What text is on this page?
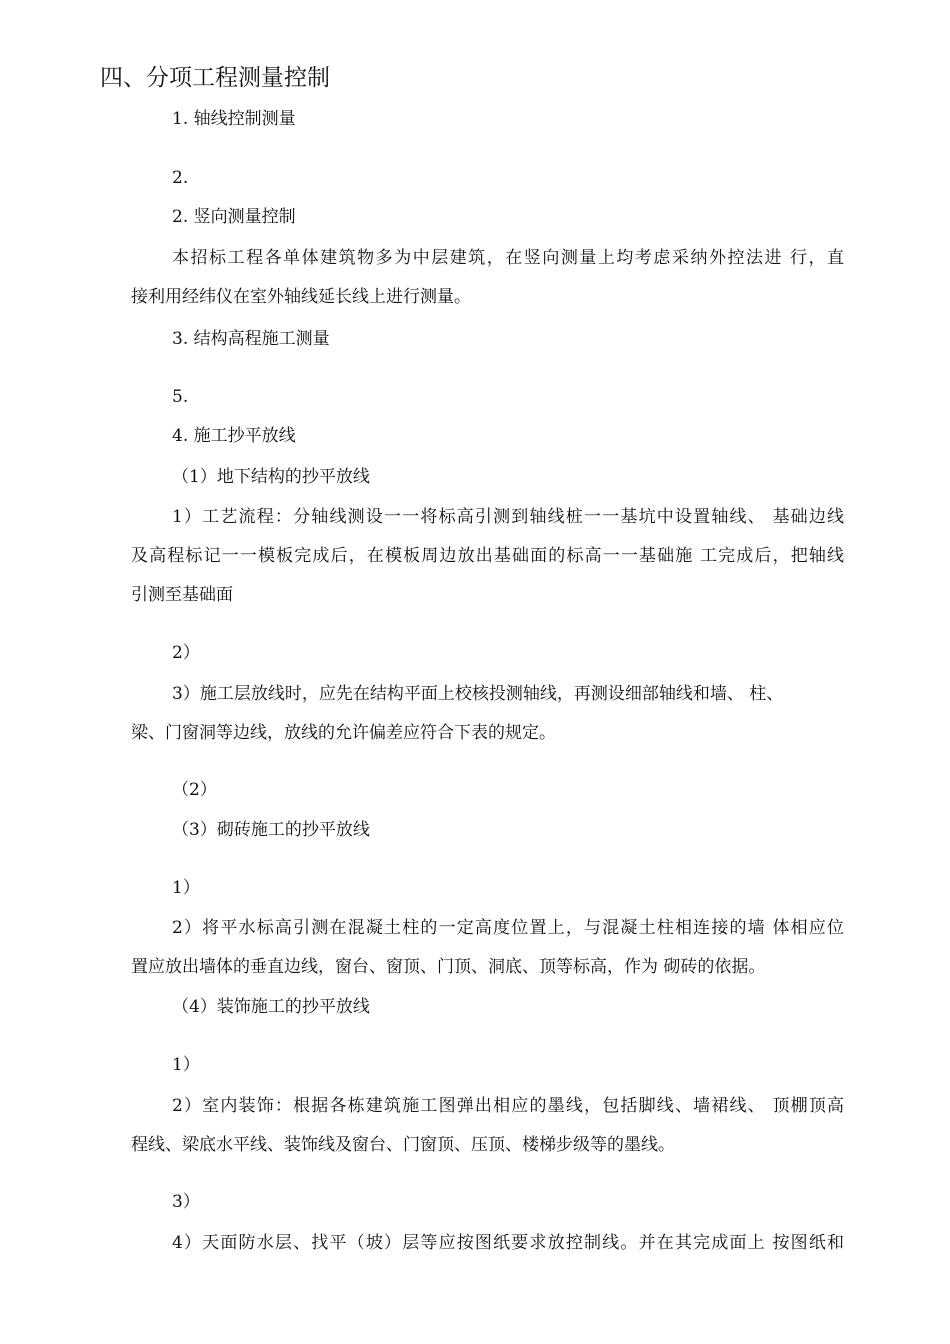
四、分项工程测量控制
1. 轴线控制测量
2.
2. 竖向测量控制
本招标工程各单体建筑物多为中层建筑，在竖向测量上均考虑采纳外控法进 行，直
接利用经纬仪在室外轴线延长线上进行测量。
3. 结构高程施工测量
5.
4. 施工抄平放线
（1）地下结构的抄平放线
1）工艺流程：分轴线测设一一将标高引测到轴线桩一一基坑中设置轴线、 基础边线
及高程标记一一模板完成后，在模板周边放出基础面的标高一一基础施 工完成后，把轴线
引测至基础面
2）
3）施工层放线时，应先在结构平面上校核投测轴线，再测设细部轴线和墙、 柱、
梁、门窗洞等边线，放线的允许偏差应符合下表的规定。
（2）
（3）砌砖施工的抄平放线
1）
2）将平水标高引测在混凝土柱的一定高度位置上，与混凝土柱相连接的墙 体相应位
置应放出墙体的垂直边线，窗台、窗顶、门顶、洞底、顶等标高，作为 砌砖的依据。
（4）装饰施工的抄平放线
1）
2）室内装饰：根据各栋建筑施工图弹出相应的墨线，包括脚线、墙裙线、 顶棚顶高
程线、梁底水平线、装饰线及窗台、门窗顶、压顶、楼梯步级等的墨线。
3）
4）天面防水层、找平（坡）层等应按图纸要求放控制线。并在其完成面上 按图纸和
